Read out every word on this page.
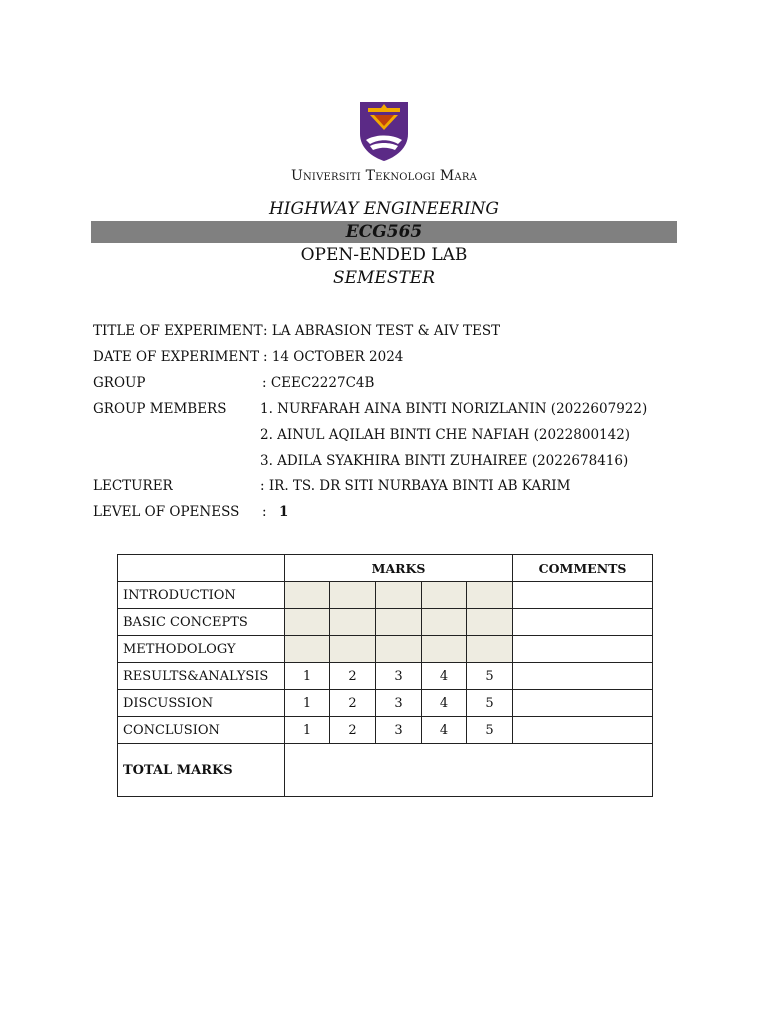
Universiti Teknologi Mara
HIGHWAY ENGINEERING
ECG565
OPEN-ENDED LAB
SEMESTER
TITLE OF EXPERIMENT : LA ABRASION TEST & AIV TEST
DATE OF EXPERIMENT : 14 OCTOBER 2024
GROUP	: CEEC2227C4B
GROUP MEMBERS 1. NURFARAH AINA BINTI NORIZLANIN (2022607922)
2. AINUL AQILAH BINTI CHE NAFIAH (2022800142)
3. ADILA SYAKHIRA BINTI ZUHAIREE (2022678416)
LECTURER	: IR. TS. DR SITI NURBAYA BINTI AB KARIM
LEVEL OF OPENESS : 1
	MARKS					COMMENTS
INTRODUCTION						
BASIC CONCEPTS						
METHODOLOGY						
RESULTS&ANALYSIS	1	2	3	4	5	
DISCUSSION	1	2	3	4	5	
CONCLUSION	1	2	3	4	5	
TOTAL MARKS						
